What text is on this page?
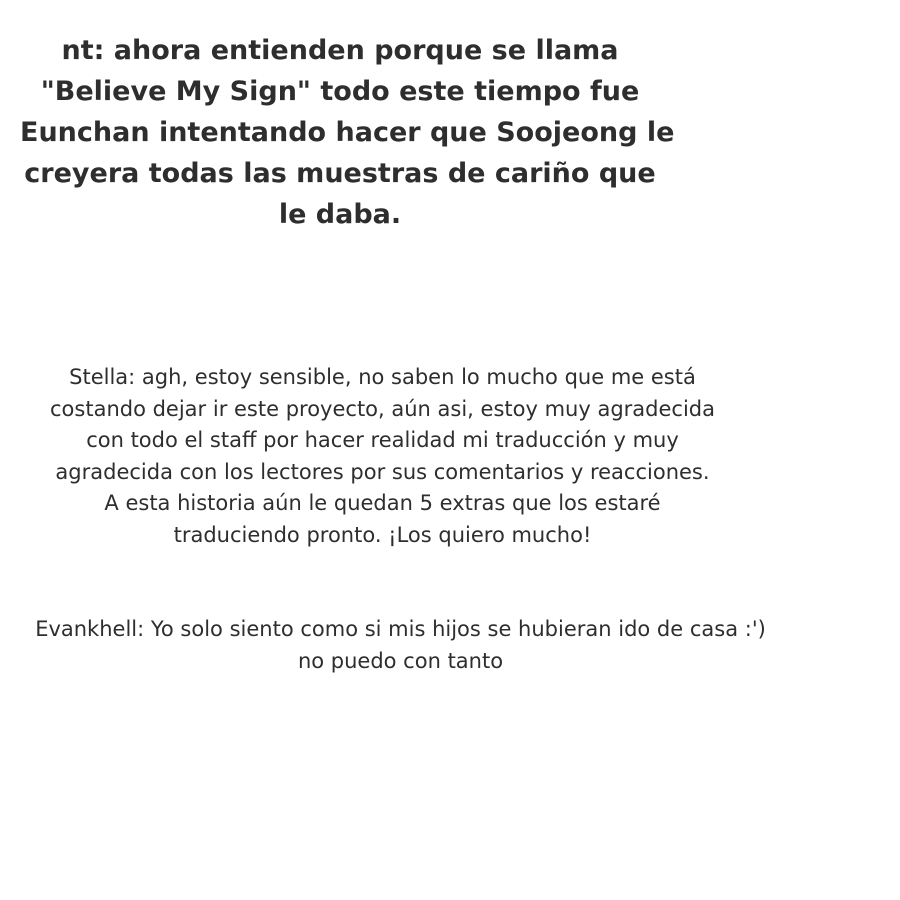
nt: ahora entienden porque se llama
"Believe My Sign" todo este tiempo fue
Eunchan intentando hacer que Soojeong le
creyera todas las muestras de cariño que
le daba.
Stella: agh, estoy sensible, no saben lo mucho que me está
costando dejar ir este proyecto, aún asi, estoy muy agradecida
con todo el staff por hacer realidad mi traducción y muy
agradecida con los lectores por sus comentarios y reacciones.
A esta historia aún le quedan 5 extras que los estaré
traduciendo pronto. ¡Los quiero mucho!
Evankhell: Yo solo siento como si mis hijos se hubieran ido de casa :')
no puedo con tanto
